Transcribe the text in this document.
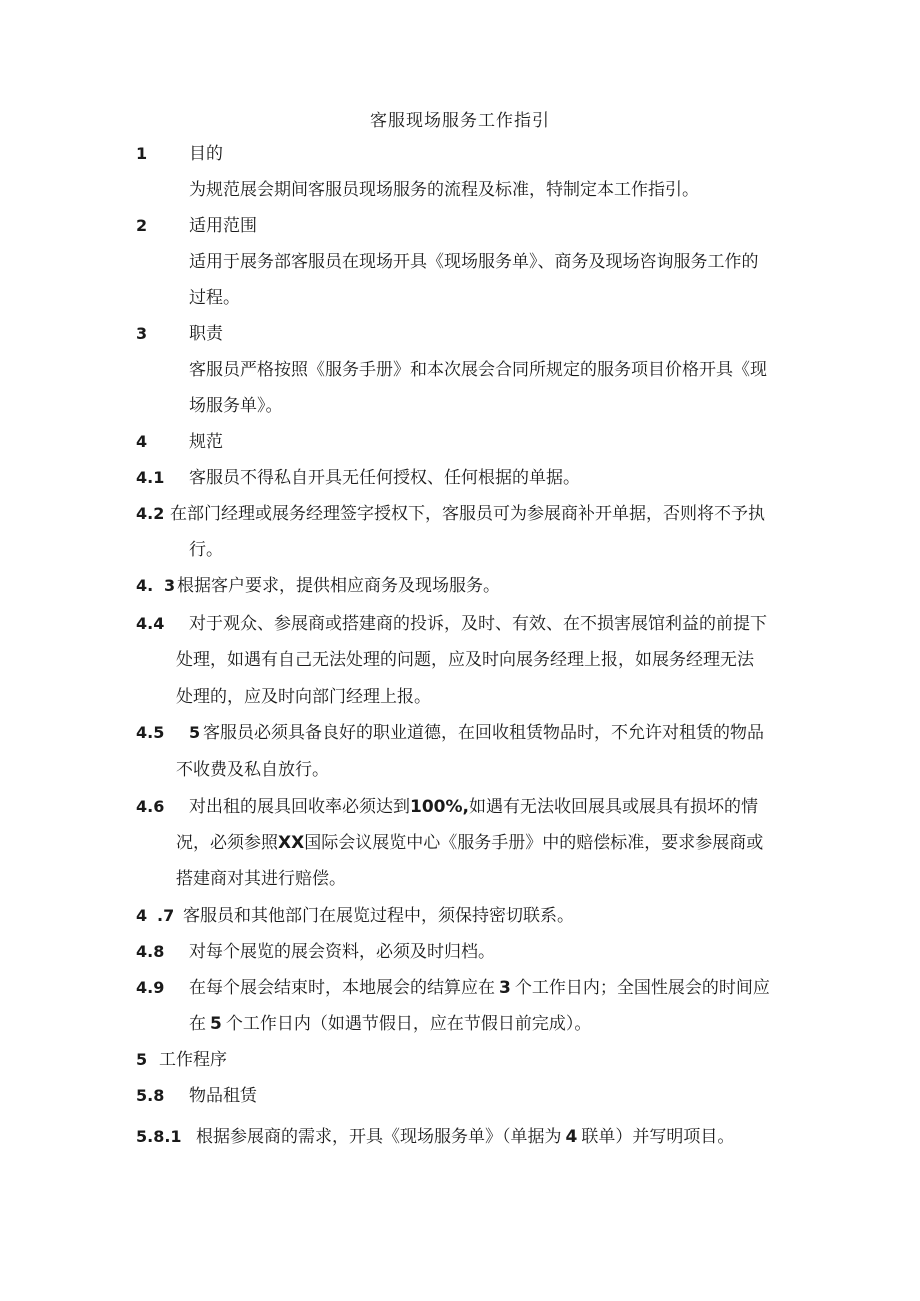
客服现场服务工作指引
1 目的
为规范展会期间客服员现场服务的流程及标准，特制定本工作指引。
2 适用范围
适用于展务部客服员在现场开具《现场服务单》、商务及现场咨询服务工作的
过程。
3 职责
客服员严格按照《服务手册》和本次展会合同所规定的服务项目价格开具《现
场服务单》。
4 规范
4.1 客服员不得私自开具无任何授权、任何根据的单据。
4.2 在部门经理或展务经理签字授权下，客服员可为参展商补开单据，否则将不予执
行。
4. 3 根据客户要求，提供相应商务及现场服务。
4.4 对于观众、参展商或搭建商的投诉，及时、有效、在不损害展馆利益的前提下
处理，如遇有自己无法处理的问题，应及时向展务经理上报，如展务经理无法
处理的，应及时向部门经理上报。
4.5 5 客服员必须具备良好的职业道德，在回收租赁物品时，不允许对租赁的物品
不收费及私自放行。
4.6 对出租的展具回收率必须达到100%,如遇有无法收回展具或展具有损坏的情
况，必须参照XX国际会议展览中心《服务手册》中的赔偿标准，要求参展商或
搭建商对其进行赔偿。
4 .7 客服员和其他部门在展览过程中，须保持密切联系。
4.8 对每个展览的展会资料，必须及时归档。
4.9 在每个展会结束时，本地展会的结算应在 3 个工作日内；全国性展会的时间应
在 5 个工作日内（如遇节假日，应在节假日前完成）。
5 工作程序
5.8 物品租赁
5.8.1 根据参展商的需求，开具《现场服务单》（单据为 4 联单）并写明项目。
